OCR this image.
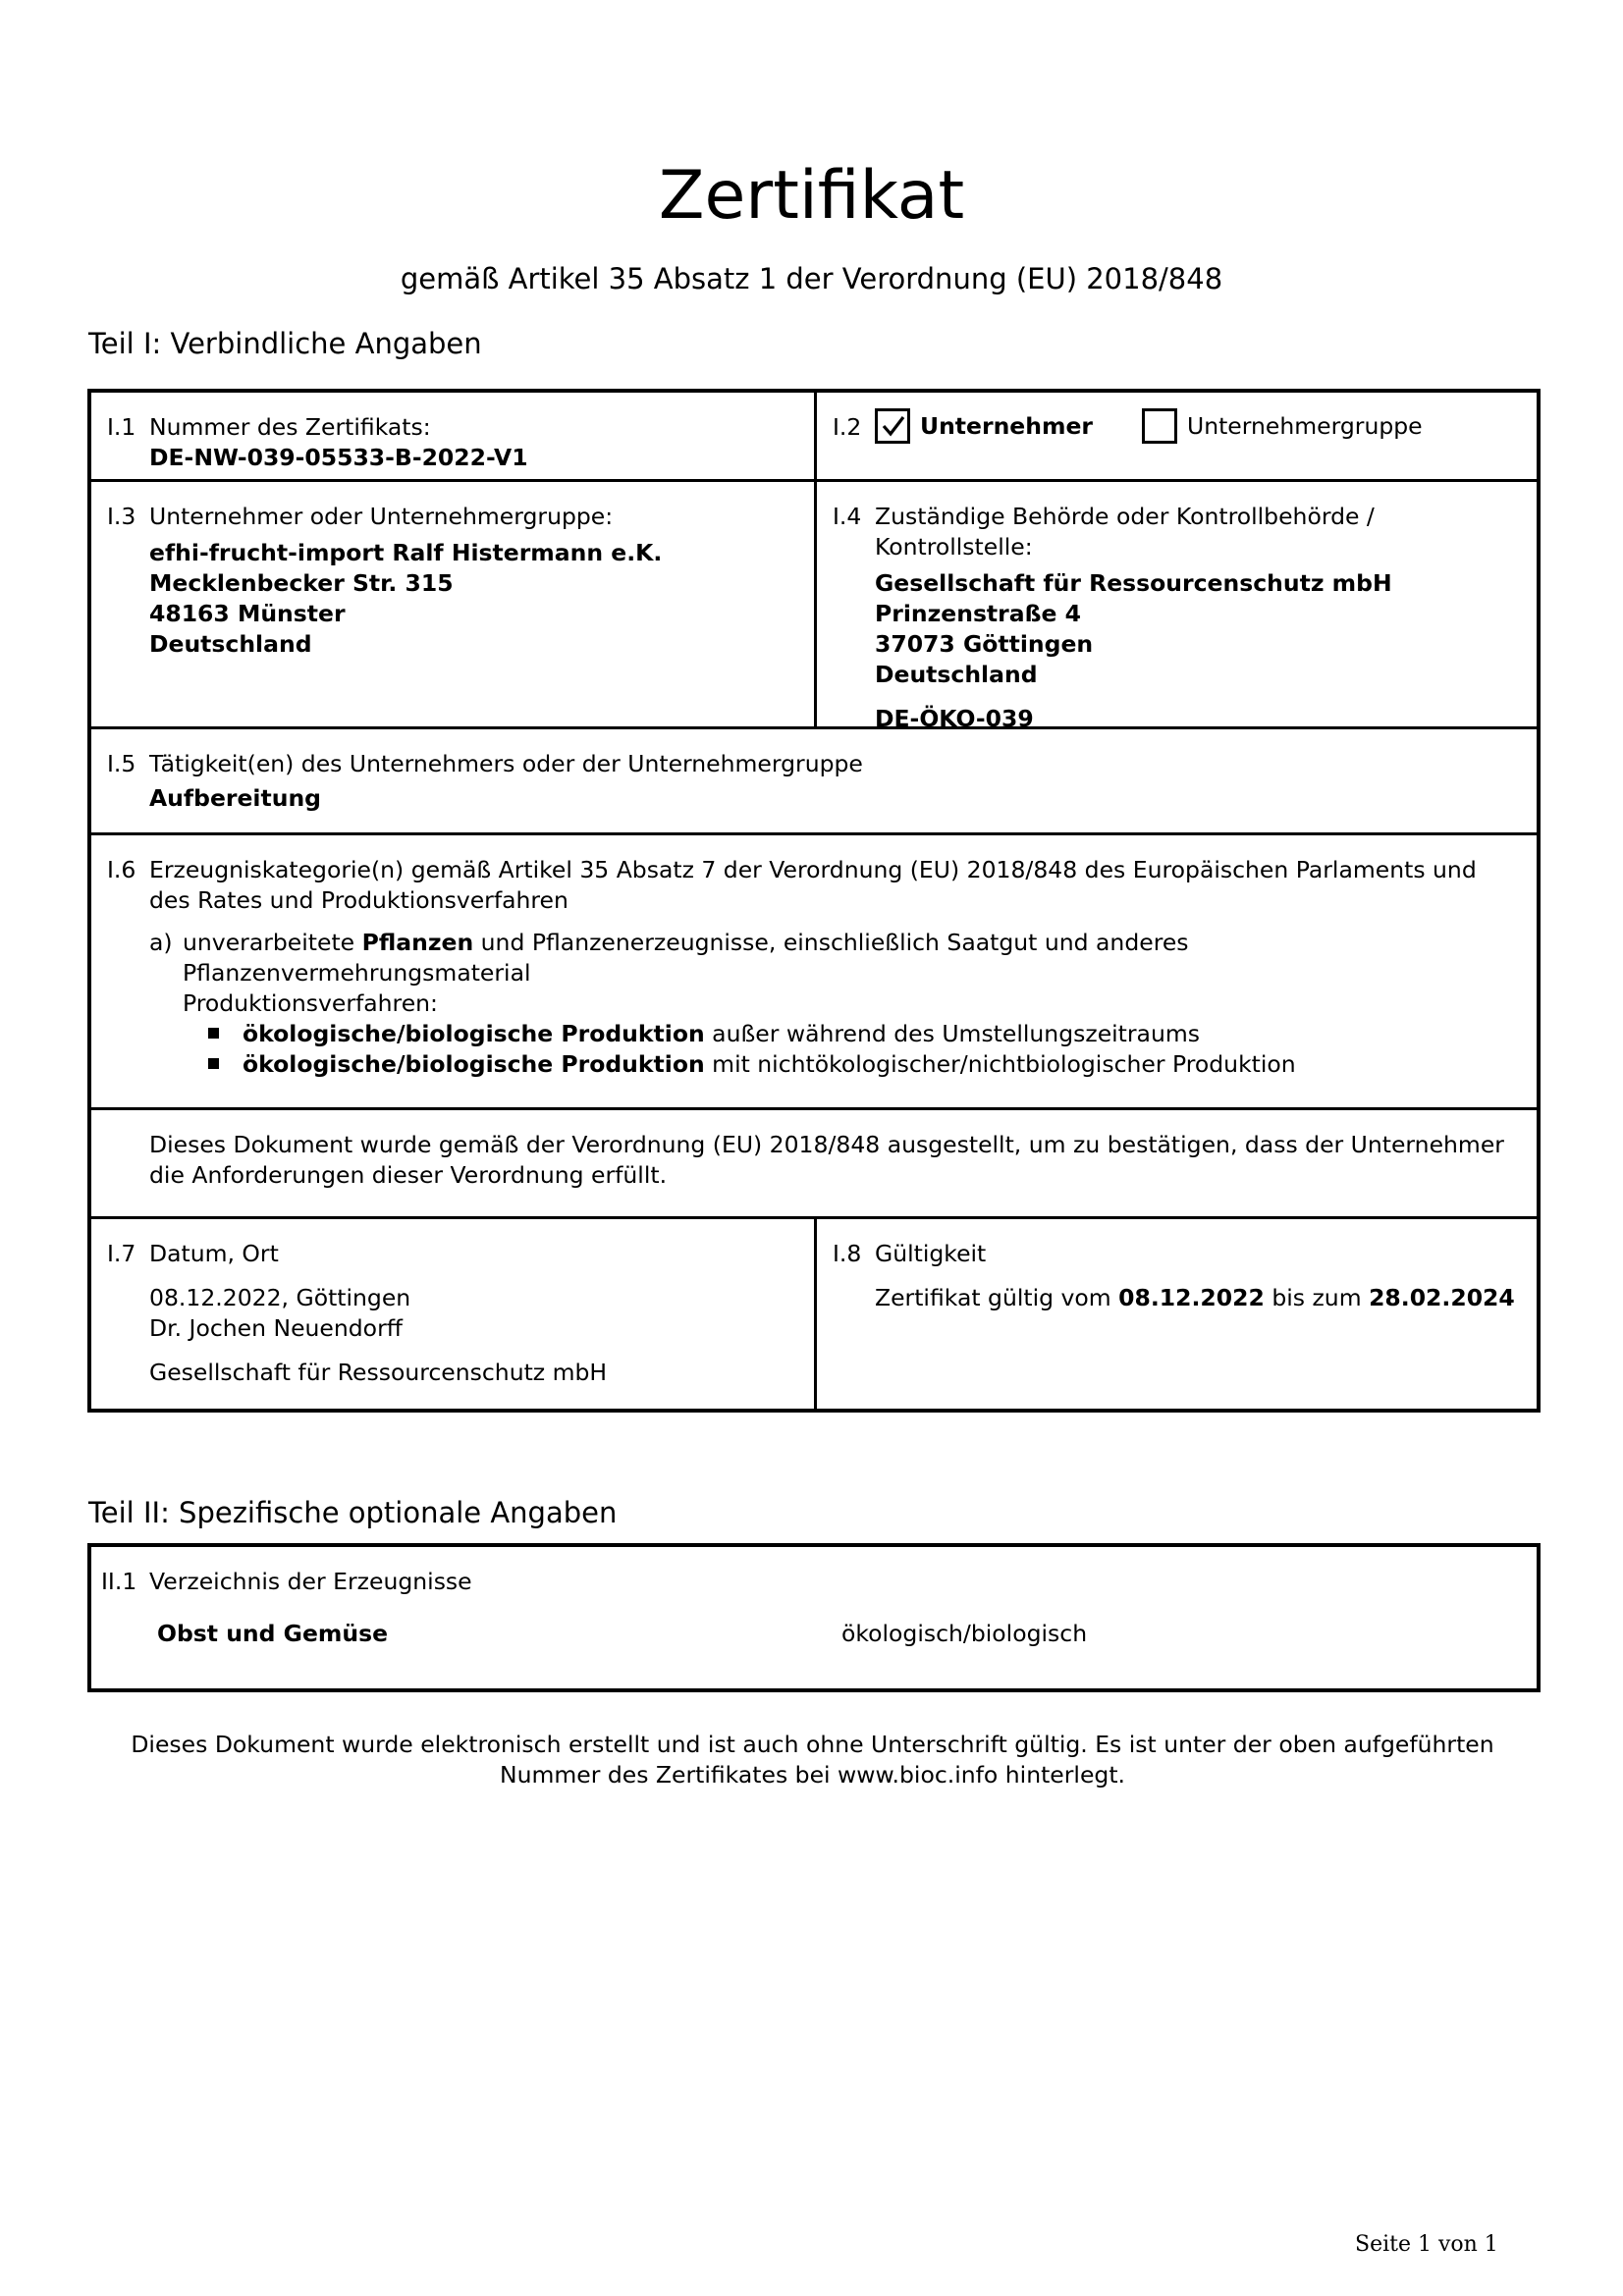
Zertifikat
gemäß Artikel 35 Absatz 1 der Verordnung (EU) 2018/848
Teil I: Verbindliche Angaben
I.1 Nummer des Zertifikats:
DE-NW-039-05533-B-2022-V1
I.2	Unternehmer	Unternehmergruppe
I.3 Unternehmer oder Unternehmergruppe:
efhi-frucht-import Ralf Histermann e.K.
Mecklenbecker Str. 315
48163 Münster
Deutschland
I.4 Zuständige Behörde oder Kontrollbehörde / Kontrollstelle:
Gesellschaft für Ressourcenschutz mbH
Prinzenstraße 4
37073 Göttingen
Deutschland
DE-ÖKO-039
I.5 Tätigkeit(en) des Unternehmers oder der Unternehmergruppe
Aufbereitung
I.6 Erzeugniskategorie(n) gemäß Artikel 35 Absatz 7 der Verordnung (EU) 2018/848 des Europäischen Parlaments und des Rates und Produktionsverfahren
a) unverarbeitete Pflanzen und Pflanzenerzeugnisse, einschließlich Saatgut und anderes Pflanzenvermehrungsmaterial
Produktionsverfahren:
ökologische/biologische Produktion außer während des Umstellungszeitraums
ökologische/biologische Produktion mit nichtökologischer/nichtbiologischer Produktion
Dieses Dokument wurde gemäß der Verordnung (EU) 2018/848 ausgestellt, um zu bestätigen, dass der Unternehmer die Anforderungen dieser Verordnung erfüllt.
I.7 Datum, Ort
08.12.2022, Göttingen
Dr. Jochen Neuendorff
Gesellschaft für Ressourcenschutz mbH
I.8 Gültigkeit
Zertifikat gültig vom 08.12.2022 bis zum 28.02.2024
Teil II: Spezifische optionale Angaben
II.1 Verzeichnis der Erzeugnisse
Obst und Gemüse	ökologisch/biologisch
Dieses Dokument wurde elektronisch erstellt und ist auch ohne Unterschrift gültig. Es ist unter der oben aufgeführten Nummer des Zertifikates bei www.bioc.info hinterlegt.
Seite 1 von 1
